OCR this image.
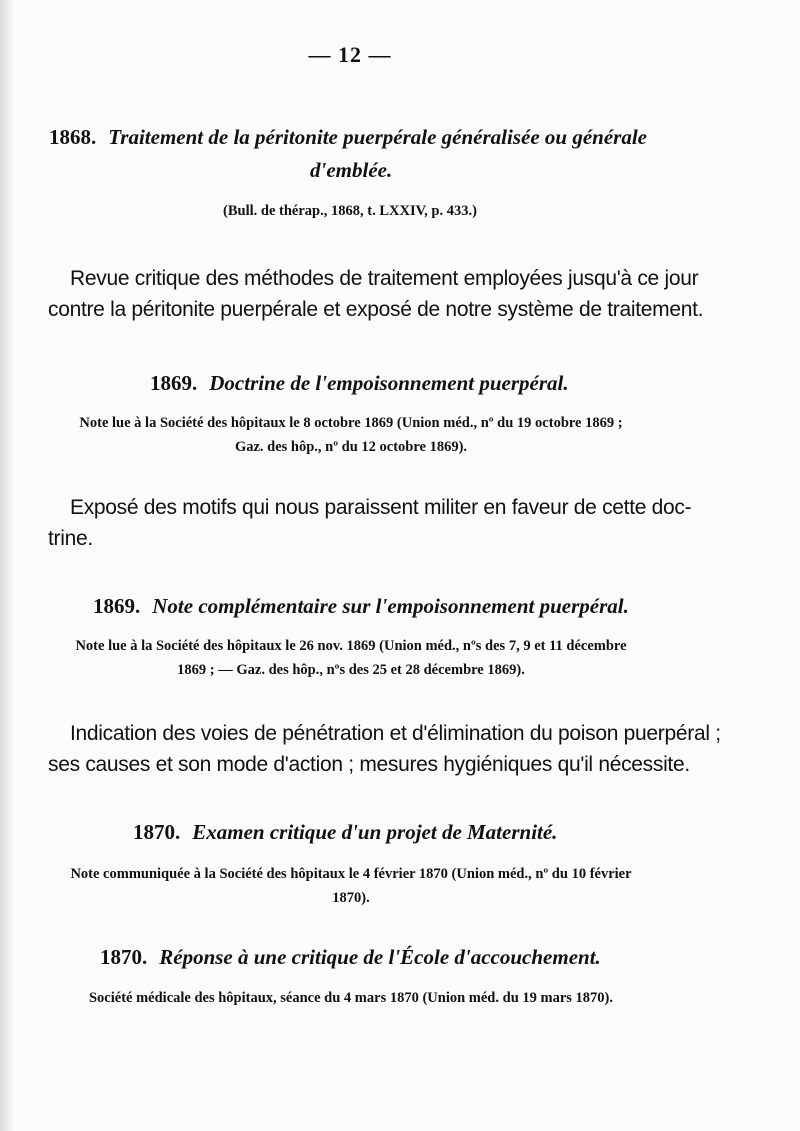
— 12 —
1868. Traitement de la péritonite puerpérale généralisée ou générale
d'emblée.
(Bull. de thérap., 1868, t. LXXIV, p. 433.)
Revue critique des méthodes de traitement employées jusqu'à ce jour
contre la péritonite puerpérale et exposé de notre système de traitement.
1869. Doctrine de l'empoisonnement puerpéral.
Note lue à la Société des hôpitaux le 8 octobre 1869 (Union méd., nº du 19 octobre 1869 ;
Gaz. des hôp., nº du 12 octobre 1869).
Exposé des motifs qui nous paraissent militer en faveur de cette doc-
trine.
1869. Note complémentaire sur l'empoisonnement puerpéral.
Note lue à la Société des hôpitaux le 26 nov. 1869 (Union méd., nºs des 7, 9 et 11 décembre
1869 ; — Gaz. des hôp., nºs des 25 et 28 décembre 1869).
Indication des voies de pénétration et d'élimination du poison puerpéral ;
ses causes et son mode d'action ; mesures hygiéniques qu'il nécessite.
1870. Examen critique d'un projet de Maternité.
Note communiquée à la Société des hôpitaux le 4 février 1870 (Union méd., nº du 10 février
1870).
1870. Réponse à une critique de l'École d'accouchement.
Société médicale des hôpitaux, séance du 4 mars 1870 (Union méd. du 19 mars 1870).
